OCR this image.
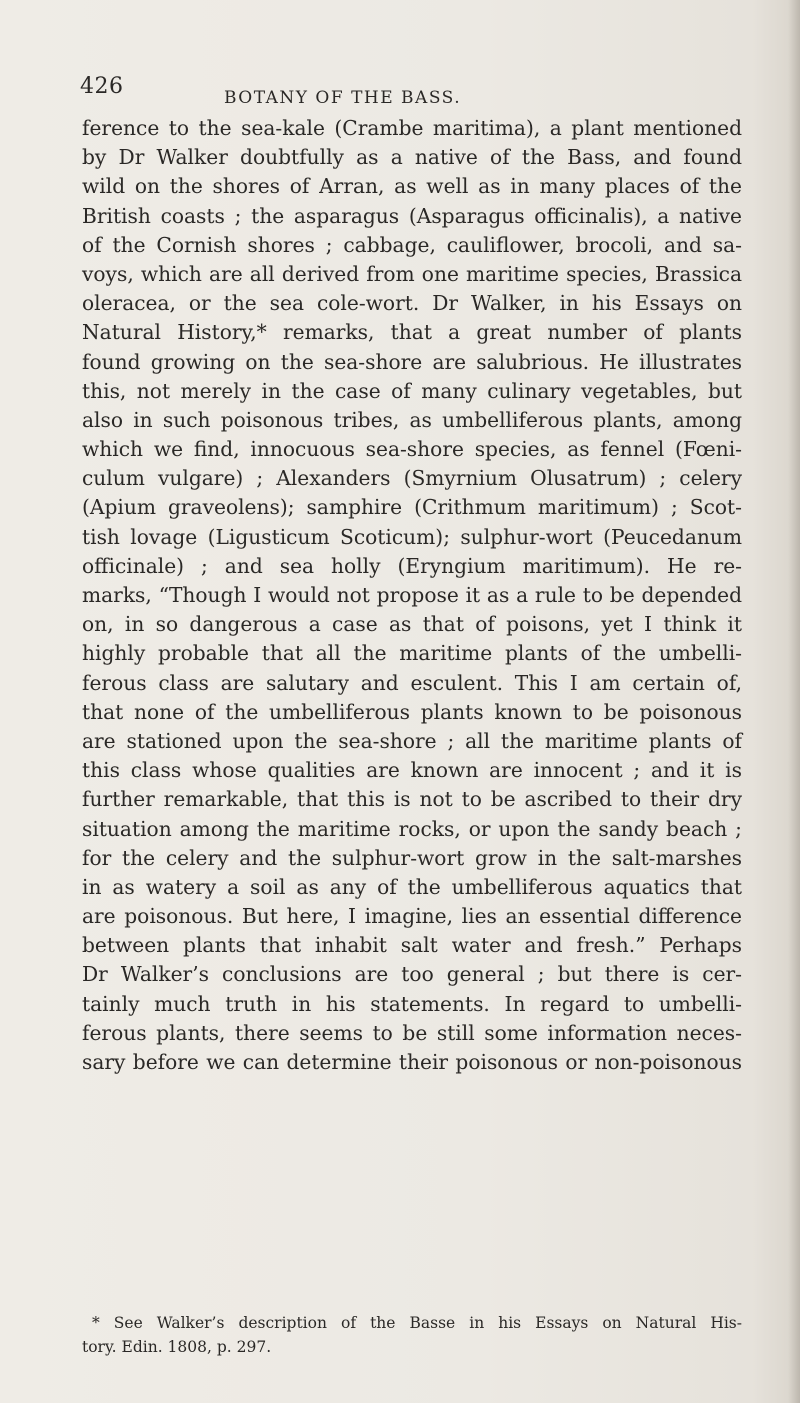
426	BOTANY OF THE BASS.
ference to the sea-kale (Crambe maritima), a plant mentioned
by Dr Walker doubtfully as a native of the Bass, and found
wild on the shores of Arran, as well as in many places of the
British coasts ; the asparagus (Asparagus officinalis), a native
of the Cornish shores ; cabbage, cauliflower, brocoli, and sa-
voys, which are all derived from one maritime species, Brassica
oleracea, or the sea cole-wort. Dr Walker, in his Essays on
Natural History,* remarks, that a great number of plants
found growing on the sea-shore are salubrious. He illustrates
this, not merely in the case of many culinary vegetables, but
also in such poisonous tribes, as umbelliferous plants, among
which we find, innocuous sea-shore species, as fennel (Fœni-
culum vulgare) ; Alexanders (Smyrnium Olusatrum) ; celery
(Apium graveolens); samphire (Crithmum maritimum) ; Scot-
tish lovage (Ligusticum Scoticum); sulphur-wort (Peucedanum
officinale) ; and sea holly (Eryngium maritimum). He re-
marks, “Though I would not propose it as a rule to be depended
on, in so dangerous a case as that of poisons, yet I think it
highly probable that all the maritime plants of the umbelli-
ferous class are salutary and esculent. This I am certain of,
that none of the umbelliferous plants known to be poisonous
are stationed upon the sea-shore ; all the maritime plants of
this class whose qualities are known are innocent ; and it is
further remarkable, that this is not to be ascribed to their dry
situation among the maritime rocks, or upon the sandy beach ;
for the celery and the sulphur-wort grow in the salt-marshes
in as watery a soil as any of the umbelliferous aquatics that
are poisonous. But here, I imagine, lies an essential difference
between plants that inhabit salt water and fresh.” Perhaps
Dr Walker’s conclusions are too general ; but there is cer-
tainly much truth in his statements. In regard to umbelli-
ferous plants, there seems to be still some information neces-
sary before we can determine their poisonous or non-poisonous
* See Walker’s description of the Basse in his Essays on Natural His-
tory. Edin. 1808, p. 297.
